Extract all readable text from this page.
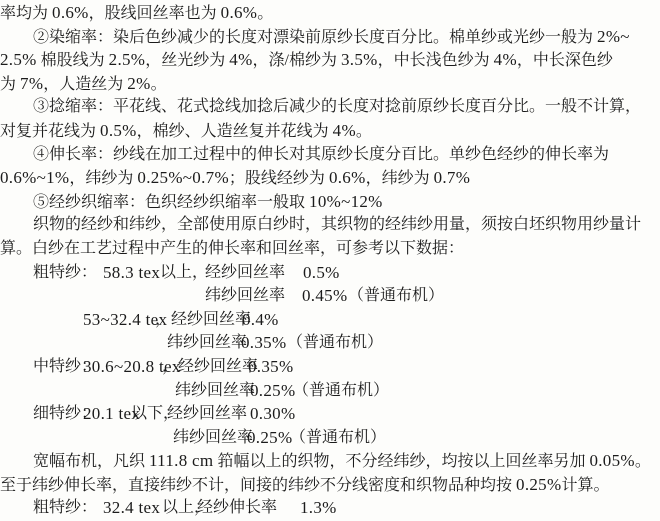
率均为 0.6%，股线回丝率也为 0.6%。
②染缩率：染后色纱减少的长度对漂染前原纱长度百分比。棉单纱或光纱一般为 2%~
2.5% 棉股线为 2.5%，丝光纱为 4%，涤/棉纱为 3.5%，中长浅色纱为 4%，中长深色纱
为 7%，人造丝为 2%。
③捻缩率：平花线、花式捻线加捻后减少的长度对捻前原纱长度百分比。一般不计算，
对复并花线为 0.5%，棉纱、人造丝复并花线为 4%。
④伸长率：纱线在加工过程中的伸长对其原纱长度分百比。单纱色经纱的伸长率为
0.6%~1%，纬纱为 0.25%~0.7%；股线经纱为 0.6%，纬纱为 0.7%
⑤经纱织缩率：色织经纱织缩率一般取 10%~12%
织物的经纱和纬纱，全部使用原白纱时，其织物的经纬纱用量，须按白坯织物用纱量计
算。白纱在工艺过程中产生的伸长率和回丝率，可参考以下数据：
粗特纱： 58.3 tex 以上，
经纱回丝率 0.5%
纬纱回丝率 0.45% （普通布机）
53~32.4 tex
，经纱回丝率
0.4%
纬纱回丝率
0.35% （普通布机）
中特纱：
30.6~20.8 tex
，经纱回丝率
0.35%
纬纱回丝率
0.25%
（普通布机）
细特纱：
20.1 tex
以下，
经纱回丝率 0.30%
纬纱回丝率
0.25%
（普通布机）
宽幅布机，凡织 111.8 cm 筘幅以上的织物，不分经纬纱，均按以上回丝率另加 0.05%。
至于纬纱伸长率，直接纬纱不计，间接的纬纱不分线密度和织物品种均按 0.25%计算。
粗特纱： 32.4 tex 以上，
经纱伸长率 1.3%
